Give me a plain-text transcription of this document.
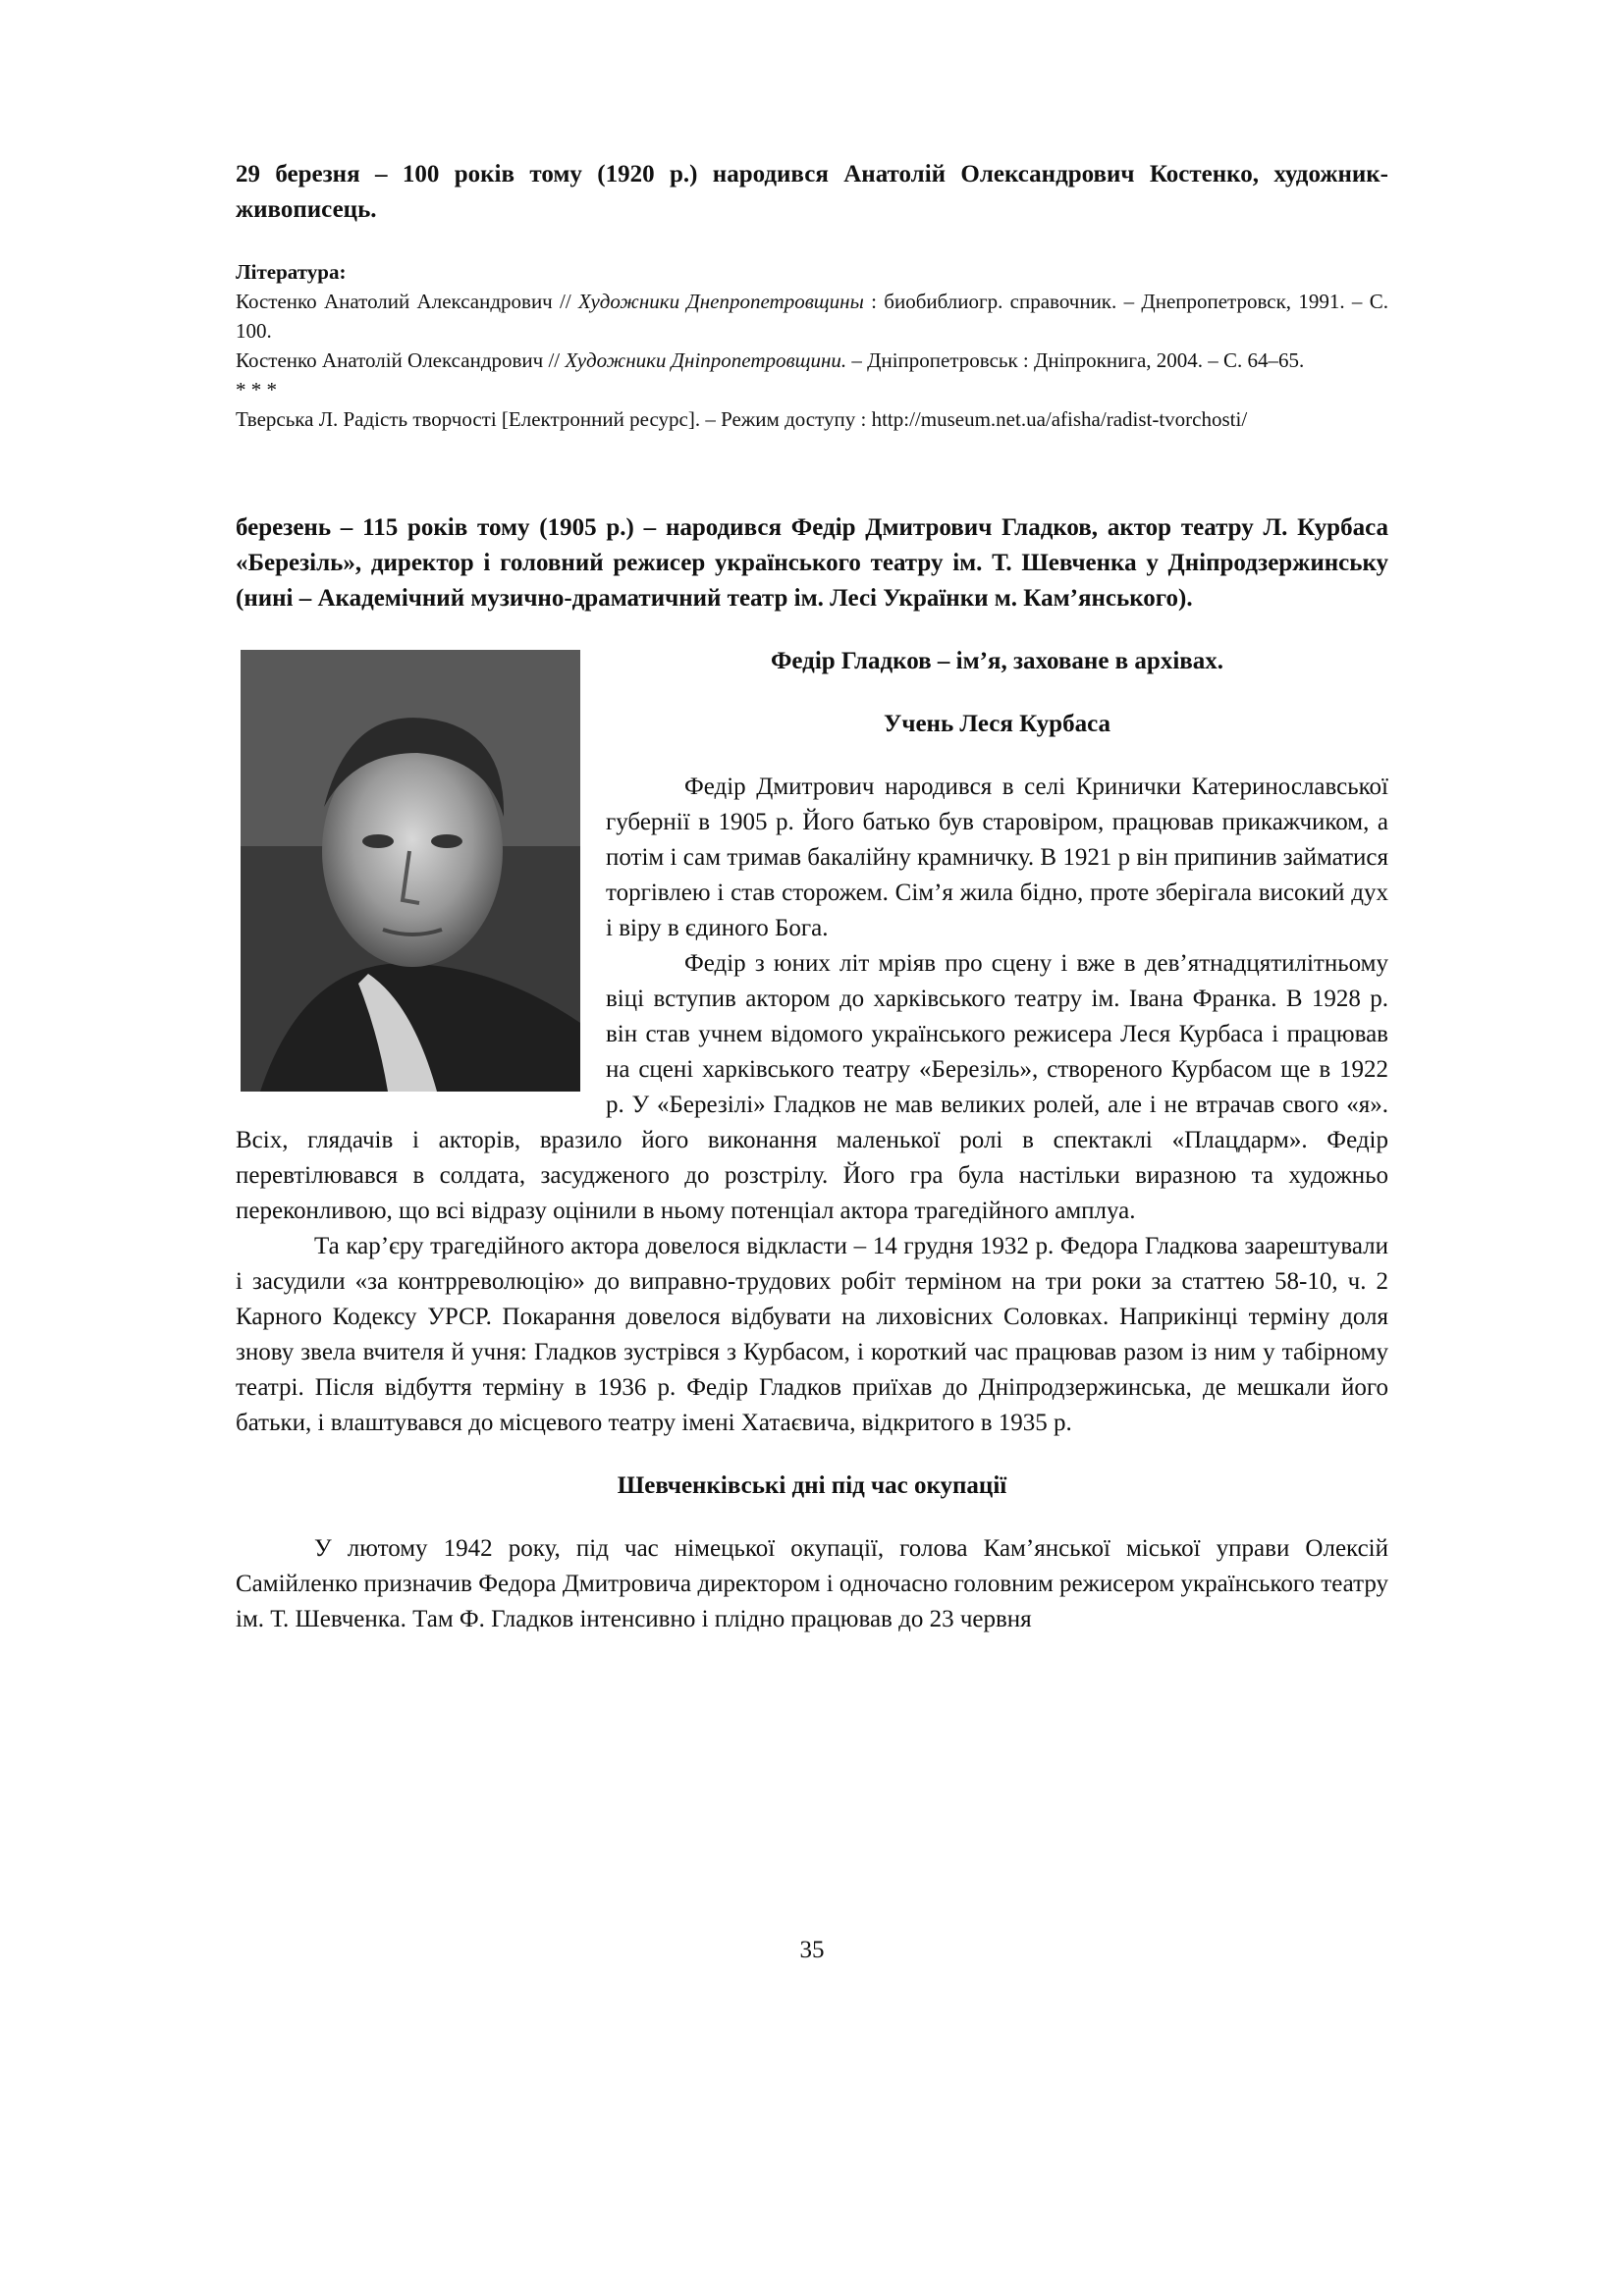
29 березня – 100 років тому (1920 р.) народився Анатолій Олександрович Костенко, художник-живописець.

Література:
Костенко Анатолий Александрович // Художники Днепропетровщины : биобиблиогр. справочник. – Днепропетровск, 1991. – С. 100.
Костенко Анатолій Олександрович // Художники Дніпропетровщини. – Дніпропетровськ : Дніпрокнига, 2004. – С. 64–65.
* * *
Тверська Л. Радість творчості [Електронний ресурс]. – Режим доступу : http://museum.net.ua/afisha/radist-tvorchosti/

березень – 115 років тому (1905 р.) – народився Федір Дмитрович Гладков, актор театру Л. Курбаса «Березіль», директор і головний режисер українського театру ім. Т. Шевченка у Дніпродзержинську (нині – Академічний музично-драматичний театр ім. Лесі Українки м. Кам’янського).

Федір Гладков – ім’я, заховане в архівах.

Учень Леся Курбаса

Федір Дмитрович народився в селі Кринички Катеринославської губернії в 1905 р. Його батько був старовіром, працював прикажчиком, а потім і сам тримав бакалійну крамничку. В 1921 р він припинив займатися торгівлею і став сторожем. Сім’я жила бідно, проте зберігала високий дух і віру в єдиного Бога.

Федір з юних літ мріяв про сцену і вже в дев’ятнадцятилітньому віці вступив актором до харківського театру ім. Івана Франка. В 1928 р. він став учнем відомого українського режисера Леся Курбаса і працював на сцені харківського театру «Березіль», створеного Курбасом ще в 1922 р. У «Березілі» Гладков не мав великих ролей, але і не втрачав свого «я». Всіх, глядачів і акторів, вразило його виконання маленької ролі в спектаклі «Плацдарм». Федір перевтілювався в солдата, засудженого до розстрілу. Його гра була настільки виразною та художньо переконливою, що всі відразу оцінили в ньому потенціал актора трагедійного амплуа.

Та кар’єру трагедійного актора довелося відкласти – 14 грудня 1932 р. Федора Гладкова заарештували і засудили «за контрреволюцію» до виправно-трудових робіт терміном на три роки за статтею 58-10, ч. 2 Карного Кодексу УРСР. Покарання довелося відбувати на лиховісних Соловках. Наприкінці терміну доля знову звела вчителя й учня: Гладков зустрівся з Курбасом, і короткий час працював разом із ним у табірному театрі. Після відбуття терміну в 1936 р. Федір Гладков приїхав до Дніпродзержинська, де мешкали його батьки, і влаштувався до місцевого театру імені Хатаєвича, відкритого в 1935 р.

Шевченківські дні під час окупації

У лютому 1942 року, під час німецької окупації, голова Кам’янської міської управи Олексій Самійленко призначив Федора Дмитровича директором і одночасно головним режисером українського театру ім. Т. Шевченка. Там Ф. Гладков інтенсивно і плідно працював до 23 червня

35
